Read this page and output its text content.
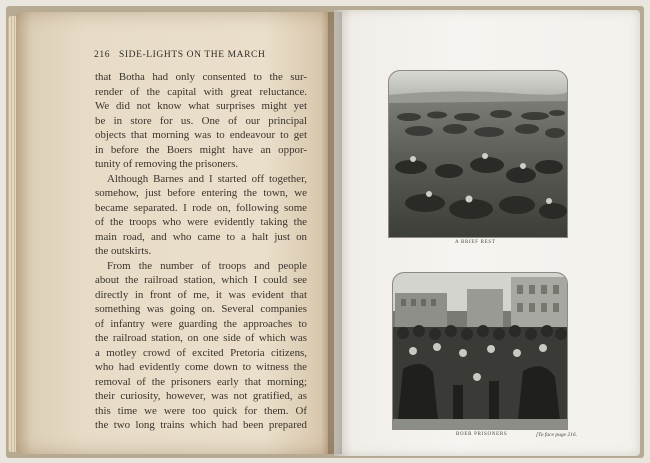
216 SIDE-LIGHTS ON THE MARCH
that Botha had only consented to the sur-
render of the capital with great reluctance.
We did not know what surprises might yet
be in store for us. One of our principal
objects that morning was to endeavour to get
in before the Boers might have an oppor-
tunity of removing the prisoners.
Although Barnes and I started off together,
somehow, just before entering the town, we
became separated. I rode on, following some
of the troops who were evidently taking the
main road, and who came to a halt just on
the outskirts.
From the number of troops and people
about the railroad station, which I could see
directly in front of me, it was evident that
something was going on. Several companies
of infantry were guarding the approaches to
the railroad station, on one side of which was
a motley crowd of excited Pretoria citizens,
who had evidently come down to witness the
removal of the prisoners early that morning;
their curiosity, however, was not gratified, as
this time we were too quick for them. Of
the two long trains which had been prepared
A BRIEF REST
BOER PRISONERS	[To face page 216.
